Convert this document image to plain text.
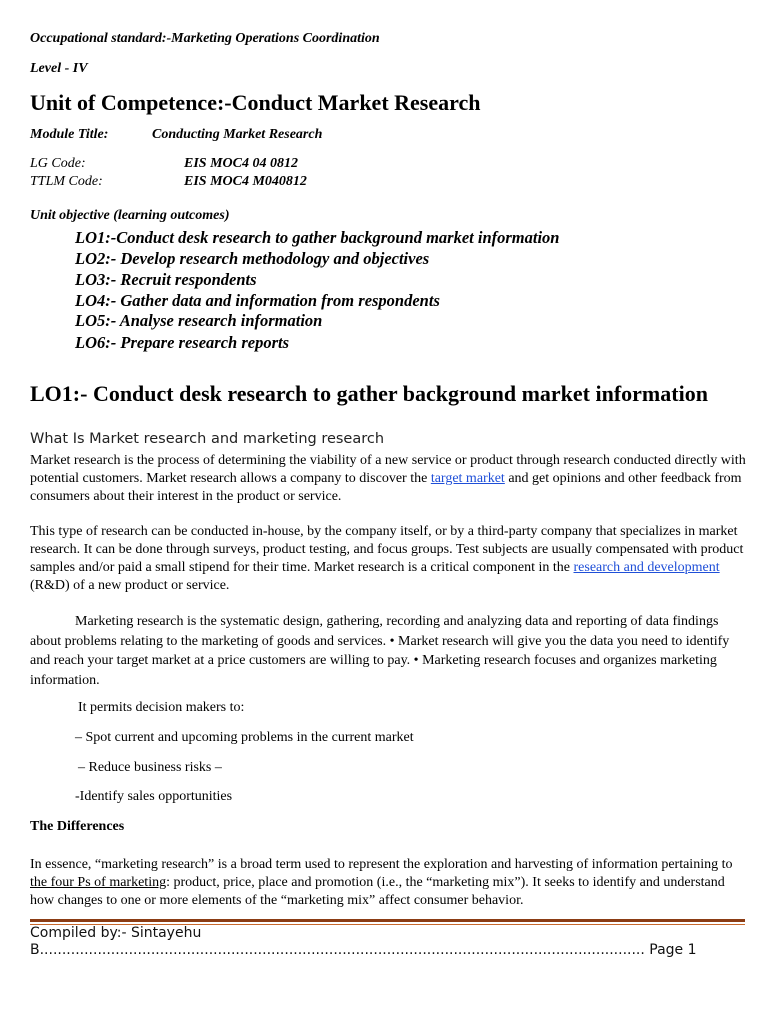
Occupational standard:-Marketing Operations Coordination
Level - IV
Unit of Competence:-Conduct Market Research
Module Title:	Conducting Market Research
LG Code:	EIS MOC4 04 0812
TTLM Code:	EIS MOC4 M040812
Unit objective (learning outcomes)
LO1:-Conduct desk research to gather background market information
LO2:- Develop research methodology and objectives
LO3:- Recruit respondents
LO4:- Gather data and information from respondents
LO5:- Analyse research information
LO6:- Prepare research reports
LO1:- Conduct desk research to gather background market information
What Is Market research and marketing research
Market research is the process of determining the viability of a new service or product through research conducted directly with potential customers. Market research allows a company to discover the target market and get opinions and other feedback from consumers about their interest in the product or service.
This type of research can be conducted in-house, by the company itself, or by a third-party company that specializes in market research. It can be done through surveys, product testing, and focus groups. Test subjects are usually compensated with product samples and/or paid a small stipend for their time. Market research is a critical component in the research and development (R&D) of a new product or service.
Marketing research is the systematic design, gathering, recording and analyzing data and reporting of data findings about problems relating to the marketing of goods and services. • Market research will give you the data you need to identify and reach your target market at a price customers are willing to pay. • Marketing research focuses and organizes marketing information.
It permits decision makers to:
– Spot current and upcoming problems in the current market
– Reduce business risks –
-Identify sales opportunities
The Differences
In essence, “marketing research” is a broad term used to represent the exploration and harvesting of information pertaining to the four Ps of marketing: product, price, place and promotion (i.e., the “marketing mix”). It seeks to identify and understand how changes to one or more elements of the “marketing mix” affect consumer behavior.
Compiled by:- Sintayehu
B........................................................................................................................................ Page 1
